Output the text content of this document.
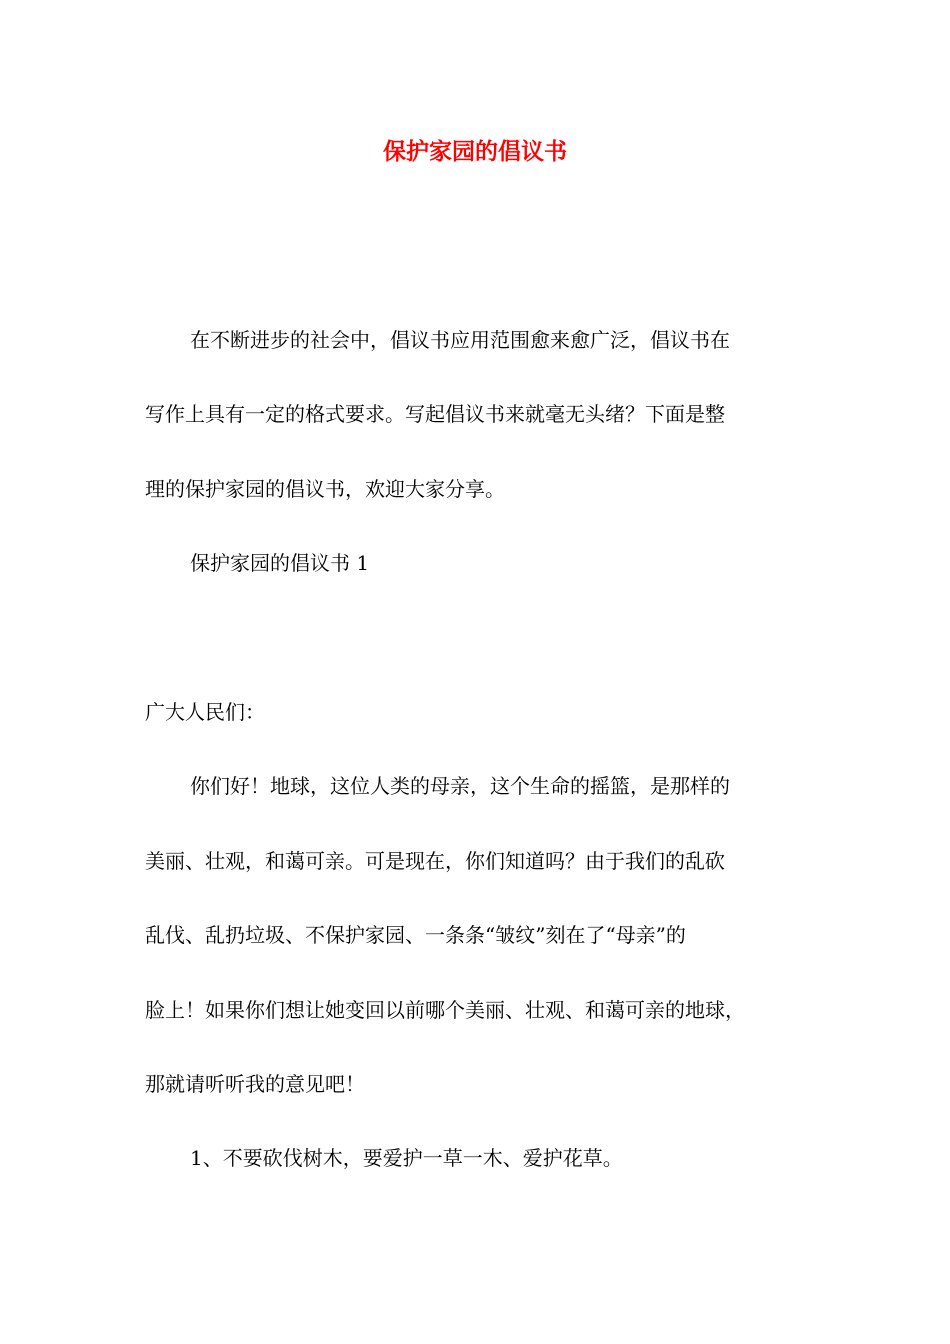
保护家园的倡议书
在不断进步的社会中，倡议书应用范围愈来愈广泛，倡议书在
写作上具有一定的格式要求。写起倡议书来就毫无头绪？下面是整
理的保护家园的倡议书，欢迎大家分享。
保护家园的倡议书 1
广大人民们：
你们好！地球，这位人类的母亲，这个生命的摇篮，是那样的
美丽、壮观，和蔼可亲。可是现在，你们知道吗？由于我们的乱砍
乱伐、乱扔垃圾、不保护家园、一条条“皱纹”刻在了“母亲”的
脸上！如果你们想让她变回以前哪个美丽、壮观、和蔼可亲的地球，
那就请听听我的意见吧！
1、不要砍伐树木，要爱护一草一木、爱护花草。
